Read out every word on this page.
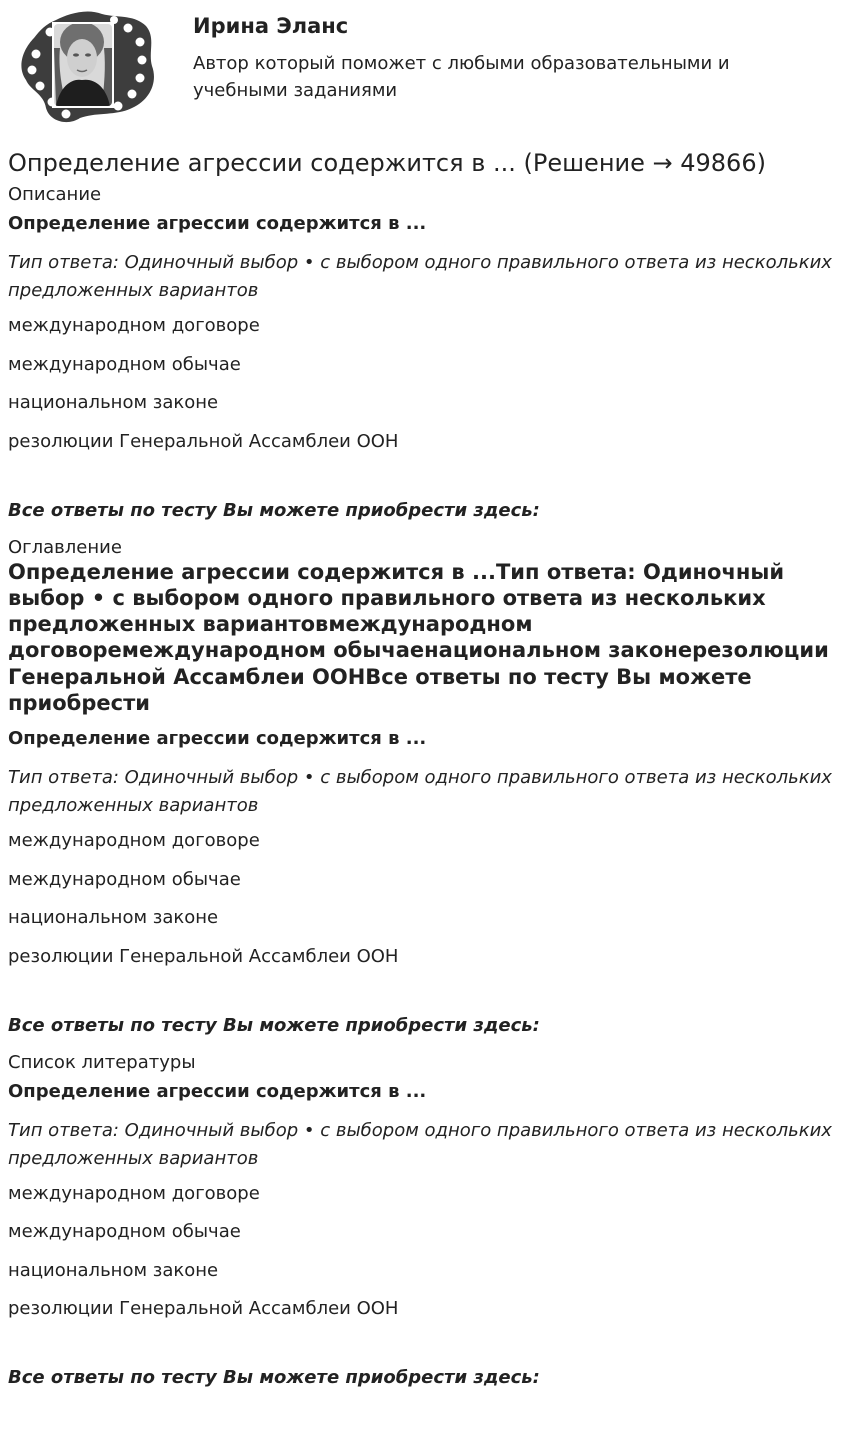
Ирина Эланс

Автор который поможет с любыми образовательными и учебными заданиями

Определение агрессии содержится в ... (Решение → 49866)
Описание
Определение агрессии содержится в ...
Тип ответа: Одиночный выбор • с выбором одного правильного ответа из нескольких предложенных вариантов
международном договоре
международном обычае
национальном законе
резолюции Генеральной Ассамблеи ООН
Все ответы по тесту Вы можете приобрести здесь:
Оглавление
Определение агрессии содержится в ...Тип ответа: Одиночный выбор • с выбором одного правильного ответа из нескольких предложенных вариантовмеждународном договоремеждународном обычаенациональном законерезолюции Генеральной Ассамблеи ООНВсе ответы по тесту Вы можете приобрести
Определение агрессии содержится в ...
Тип ответа: Одиночный выбор • с выбором одного правильного ответа из нескольких предложенных вариантов
международном договоре
международном обычае
национальном законе
резолюции Генеральной Ассамблеи ООН
Все ответы по тесту Вы можете приобрести здесь:
Список литературы
Определение агрессии содержится в ...
Тип ответа: Одиночный выбор • с выбором одного правильного ответа из нескольких предложенных вариантов
международном договоре
международном обычае
национальном законе
резолюции Генеральной Ассамблеи ООН
Все ответы по тесту Вы можете приобрести здесь:
